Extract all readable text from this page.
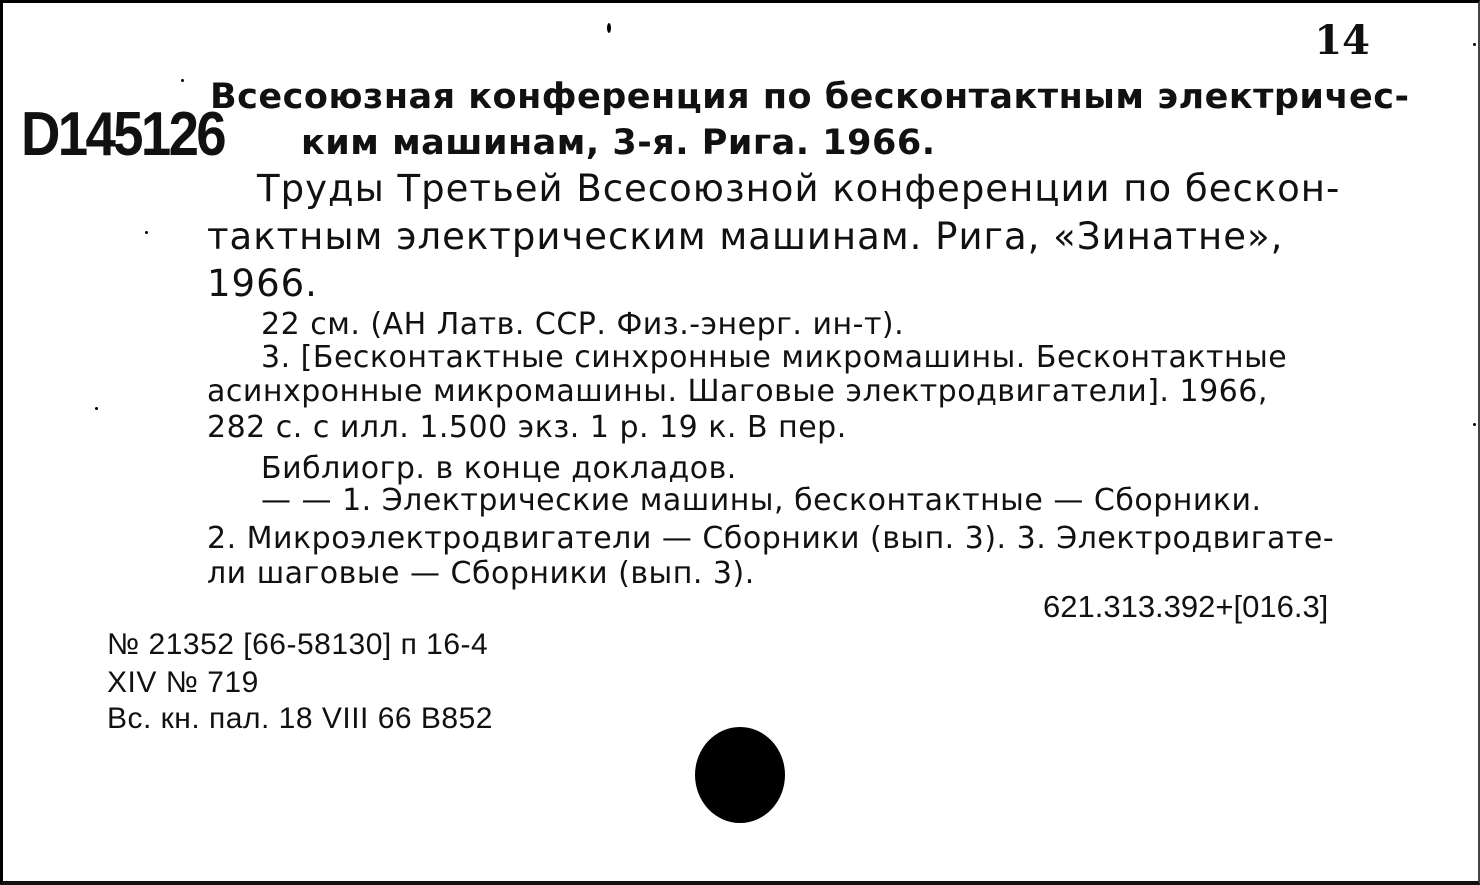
14
D145126
Всесоюзная конференция по бесконтактным электричес-
ким машинам, 3-я. Рига. 1966.
Труды Третьей Всесоюзной конференции по бескон-
тактным электрическим машинам. Рига, «Зинатне»,
1966.
22 см. (АН Латв. ССР. Физ.-энерг. ин-т).
3. [Бесконтактные синхронные микромашины. Бесконтактные
асинхронные микромашины. Шаговые электродвигатели]. 1966,
282 с. с илл. 1.500 экз. 1 р. 19 к. В пер.
Библиогр. в конце докладов.
— — 1. Электрические машины, бесконтактные — Сборники.
2. Микроэлектродвигатели — Сборники (вып. 3). 3. Электродвигате-
ли шаговые — Сборники (вып. 3).
621.313.392+[016.3]
№ 21352 [66-58130] п 16-4
XIV № 719
Вс. кн. пал. 18 VIII 66 В852
